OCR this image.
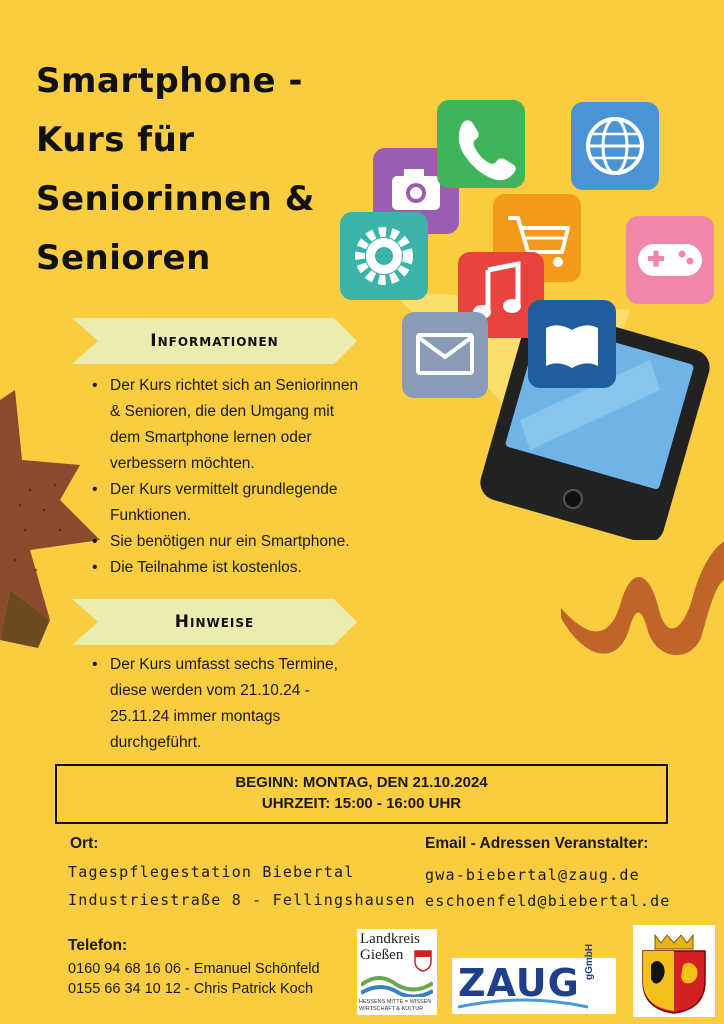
Smartphone -
Kurs für
Seniorinnen &
Senioren
Informationen
• Der Kurs richtet sich an Seniorinnen
& Senioren, die den Umgang mit
dem Smartphone lernen oder
verbessern möchten.
• Der Kurs vermittelt grundlegende
Funktionen.
• Sie benötigen nur ein Smartphone.
• Die Teilnahme ist kostenlos.
Hinweise
• Der Kurs umfasst sechs Termine,
diese werden vom 21.10.24 -
25.11.24 immer montags
durchgeführt.
BEGINN: MONTAG, DEN 21.10.2024
UHRZEIT: 15:00 - 16:00 UHR
Ort:
Tagespflegestation Biebertal
Industriestraße 8 - Fellingshausen
Email - Adressen Veranstalter:
gwa-biebertal@zaug.de
eschoenfeld@biebertal.de
Telefon:
0160 94 68 16 06 - Emanuel Schönfeld
0155 66 34 10 12 - Chris Patrick Koch
Landkreis
Gießen
HESSENS MITTE = WISSEN
WIRTSCHAFT & KULTUR
ZAUG gGmbH
